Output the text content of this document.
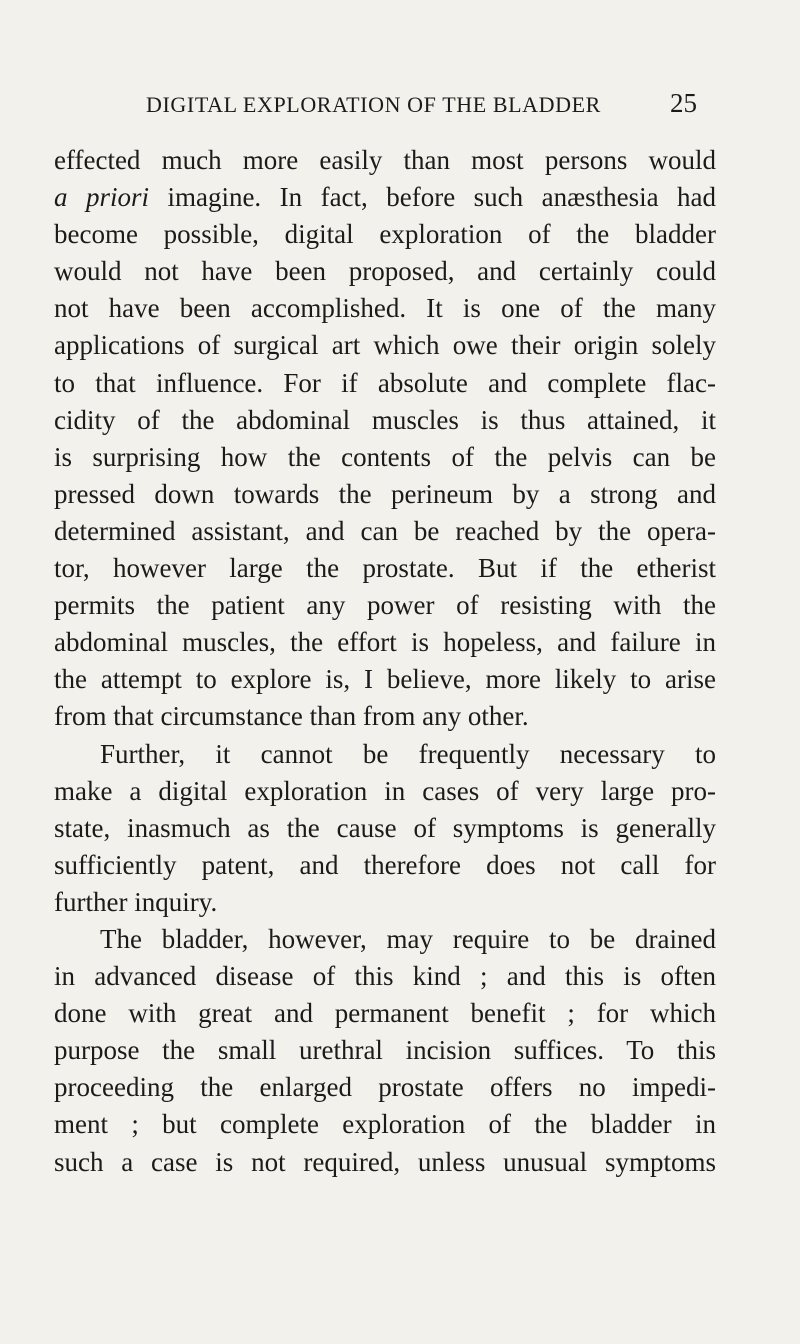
DIGITAL EXPLORATION OF THE BLADDER	25
effected much more easily than most persons would
a priori imagine. In fact, before such anæsthesia had
become possible, digital exploration of the bladder
would not have been proposed, and certainly could
not have been accomplished. It is one of the many
applications of surgical art which owe their origin solely
to that influence. For if absolute and complete flac-
cidity of the abdominal muscles is thus attained, it
is surprising how the contents of the pelvis can be
pressed down towards the perineum by a strong and
determined assistant, and can be reached by the opera-
tor, however large the prostate. But if the etherist
permits the patient any power of resisting with the
abdominal muscles, the effort is hopeless, and failure in
the attempt to explore is, I believe, more likely to arise
from that circumstance than from any other.
Further, it cannot be frequently necessary to
make a digital exploration in cases of very large pro-
state, inasmuch as the cause of symptoms is generally
sufficiently patent, and therefore does not call for
further inquiry.
The bladder, however, may require to be drained
in advanced disease of this kind ; and this is often
done with great and permanent benefit ; for which
purpose the small urethral incision suffices. To this
proceeding the enlarged prostate offers no impedi-
ment ; but complete exploration of the bladder in
such a case is not required, unless unusual symptoms
